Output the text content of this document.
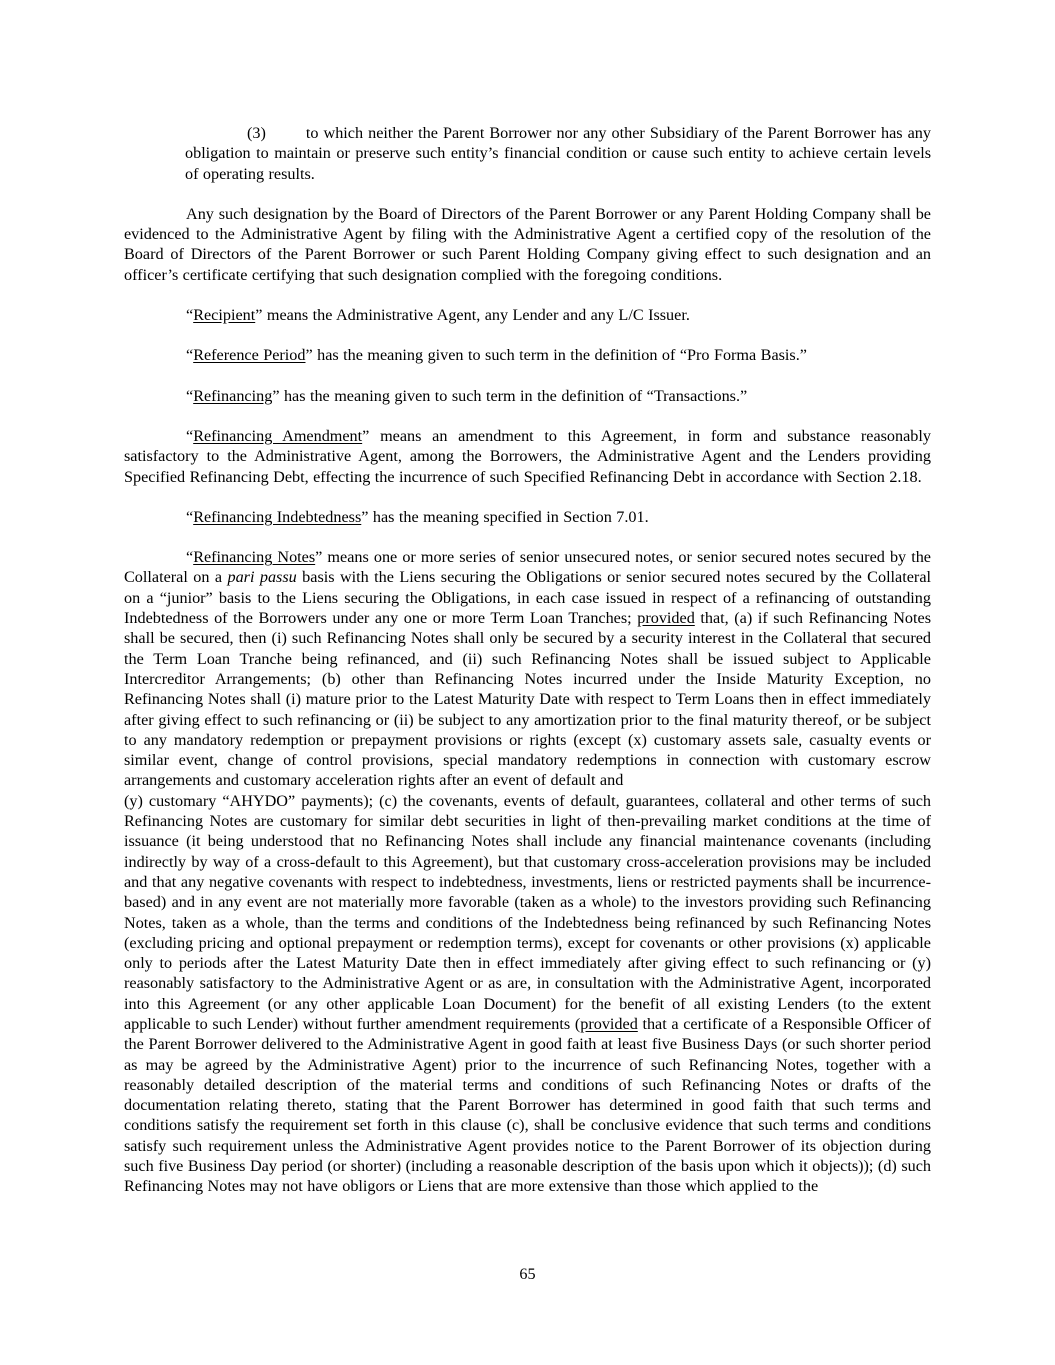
(3) to which neither the Parent Borrower nor any other Subsidiary of the Parent Borrower has any obligation to maintain or preserve such entity’s financial condition or cause such entity to achieve certain levels of operating results.

Any such designation by the Board of Directors of the Parent Borrower or any Parent Holding Company shall be evidenced to the Administrative Agent by filing with the Administrative Agent a certified copy of the resolution of the Board of Directors of the Parent Borrower or such Parent Holding Company giving effect to such designation and an officer’s certificate certifying that such designation complied with the foregoing conditions.

“Recipient” means the Administrative Agent, any Lender and any L/C Issuer.

“Reference Period” has the meaning given to such term in the definition of “Pro Forma Basis.”

“Refinancing” has the meaning given to such term in the definition of “Transactions.”

“Refinancing Amendment” means an amendment to this Agreement, in form and substance reasonably satisfactory to the Administrative Agent, among the Borrowers, the Administrative Agent and the Lenders providing Specified Refinancing Debt, effecting the incurrence of such Specified Refinancing Debt in accordance with Section 2.18.

“Refinancing Indebtedness” has the meaning specified in Section 7.01.

“Refinancing Notes” means one or more series of senior unsecured notes, or senior secured notes secured by the Collateral on a pari passu basis with the Liens securing the Obligations or senior secured notes secured by the Collateral on a “junior” basis to the Liens securing the Obligations, in each case issued in respect of a refinancing of outstanding Indebtedness of the Borrowers under any one or more Term Loan Tranches; provided that, (a) if such Refinancing Notes shall be secured, then (i) such Refinancing Notes shall only be secured by a security interest in the Collateral that secured the Term Loan Tranche being refinanced, and (ii) such Refinancing Notes shall be issued subject to Applicable Intercreditor Arrangements; (b) other than Refinancing Notes incurred under the Inside Maturity Exception, no Refinancing Notes shall (i) mature prior to the Latest Maturity Date with respect to Term Loans then in effect immediately after giving effect to such refinancing or (ii) be subject to any amortization prior to the final maturity thereof, or be subject to any mandatory redemption or prepayment provisions or rights (except (x) customary assets sale, casualty events or similar event, change of control provisions, special mandatory redemptions in connection with customary escrow arrangements and customary acceleration rights after an event of default and

(y) customary “AHYDO” payments); (c) the covenants, events of default, guarantees, collateral and other terms of such Refinancing Notes are customary for similar debt securities in light of then-prevailing market conditions at the time of issuance (it being understood that no Refinancing Notes shall include any financial maintenance covenants (including indirectly by way of a cross-default to this Agreement), but that customary cross-acceleration provisions may be included and that any negative covenants with respect to indebtedness, investments, liens or restricted payments shall be incurrence-based) and in any event are not materially more favorable (taken as a whole) to the investors providing such Refinancing Notes, taken as a whole, than the terms and conditions of the Indebtedness being refinanced by such Refinancing Notes (excluding pricing and optional prepayment or redemption terms), except for covenants or other provisions (x) applicable only to periods after the Latest Maturity Date then in effect immediately after giving effect to such refinancing or (y) reasonably satisfactory to the Administrative Agent or as are, in consultation with the Administrative Agent, incorporated into this Agreement (or any other applicable Loan Document) for the benefit of all existing Lenders (to the extent applicable to such Lender) without further amendment requirements (provided that a certificate of a Responsible Officer of the Parent Borrower delivered to the Administrative Agent in good faith at least five Business Days (or such shorter period as may be agreed by the Administrative Agent) prior to the incurrence of such Refinancing Notes, together with a reasonably detailed description of the material terms and conditions of such Refinancing Notes or drafts of the documentation relating thereto, stating that the Parent Borrower has determined in good faith that such terms and conditions satisfy the requirement set forth in this clause (c), shall be conclusive evidence that such terms and conditions satisfy such requirement unless the Administrative Agent provides notice to the Parent Borrower of its objection during such five Business Day period (or shorter) (including a reasonable description of the basis upon which it objects)); (d) such Refinancing Notes may not have obligors or Liens that are more extensive than those which applied to the

65
